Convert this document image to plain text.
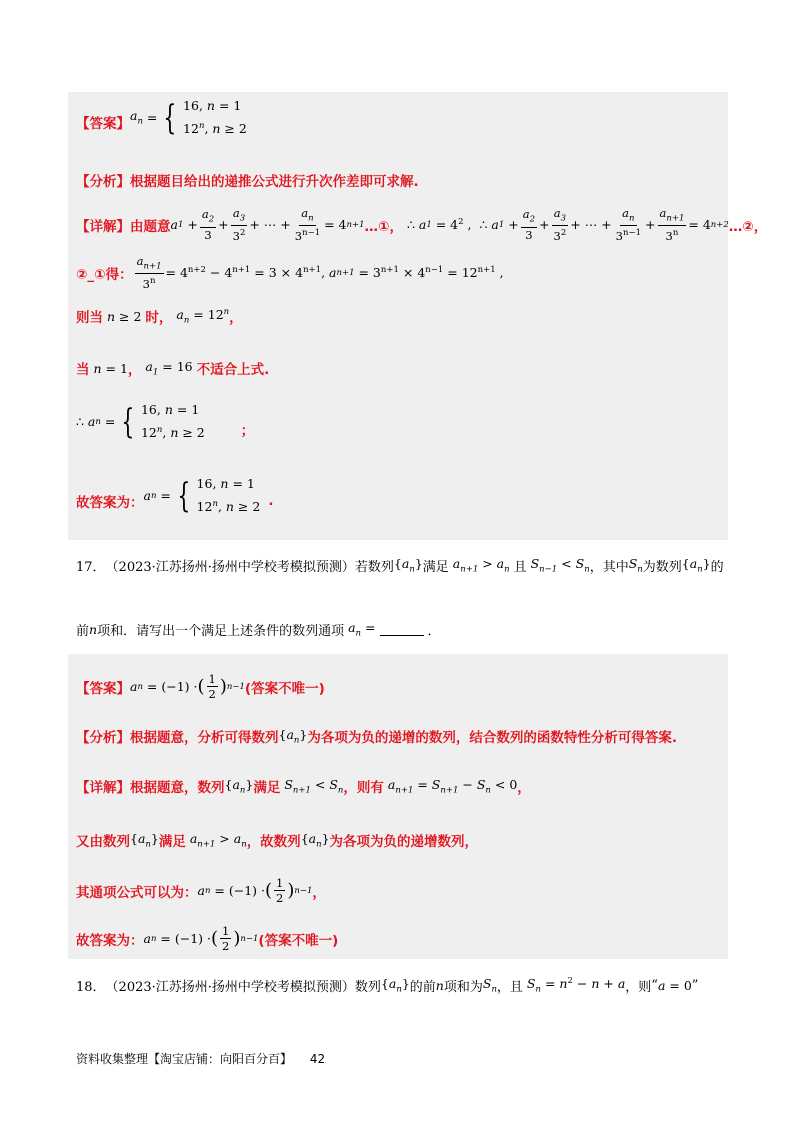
【答案】 $a_n$
= { 16, n = 1
12$^n$, n ≥ 2
【分析】 根据题目给出的递推公式进行升次作差即可求解.
【详解】 由题意 a 1
+ $\frac{a_2}{3} + \frac{a_3}{3^2}$ + ⋯ + $\frac{a_n}{3^{n-1}} = 4$ n+1 …①，
∴ a $1 = 4^2$
,  ∴ a 1
+ $\frac{a_2}{3} + \frac{a_3}{3^2}$ + ⋯ + $\frac{a_n}{3^{n-1}} + \frac{a_{n+1}}{3^n} = 4$ n+2 …②，
②_①得： $\frac{a_{n+1}}{3^n} = 4^{n+2} - 4^{n+1} = 3 \times 4^{n+1}$, a $n+1 = 3^{n+1} \times 4^{n-1} = 12^{n+1}$
,
则当 n ≥ 2 时， $a_n = 12^n$ ，
当 n = 1 ， $a_1 = 16$ 不适合上式.
∴ a n
= { 16, n = 1
12$^n$, n ≥ 2	；
故答案为： a n
= { 16, n = 1
12$^n$, n ≥ 2 .
17． （2023·江苏扬州·扬州中学校考模拟预测） 若数列 $\{a_n\}$ 满足 $a_{n+1} > a_n$ 且 $S_{n-1} < S_n$ ，其中 $S_n$ 为数列 $\{a_n\}$ 的
前 n 项和．请写出一个满足上述条件的数列通项 $a_n$ =	．
【答案】 a n
= (−1) · ( $\frac{1}{2}$ ) n−1 (答案不唯一)
【分析】 根据题意，分析可得数列 $\{a_n\}$ 为各项为负的递增的数列，结合数列的函数特性分析可得答案.
【详解】 根据题意，数列 $\{a_n\}$ 满足 $S_{n+1} < S_n$ ，则有 $a_{n+1} = S_{n+1} - S_n < 0$ ，
又由数列 $\{a_n\}$ 满足 $a_{n+1} > a_n$ ，故数列 $\{a_n\}$ 为各项为负的递增数列，
其通项公式可以为： a n
= (−1) · ( $\frac{1}{2}$ ) n−1 ，
故答案为： a n
= (−1) · ( $\frac{1}{2}$ ) n−1 (答案不唯一)
18． （2023·江苏扬州·扬州中学校考模拟预测） 数列 $\{a_n\}$ 的前 n 项和为 $S_n$ ，且 $S_n = n^2 - n + a$ ，则 “ a = 0 ”
资料收集整理【淘宝店铺：向阳百分百】 42
